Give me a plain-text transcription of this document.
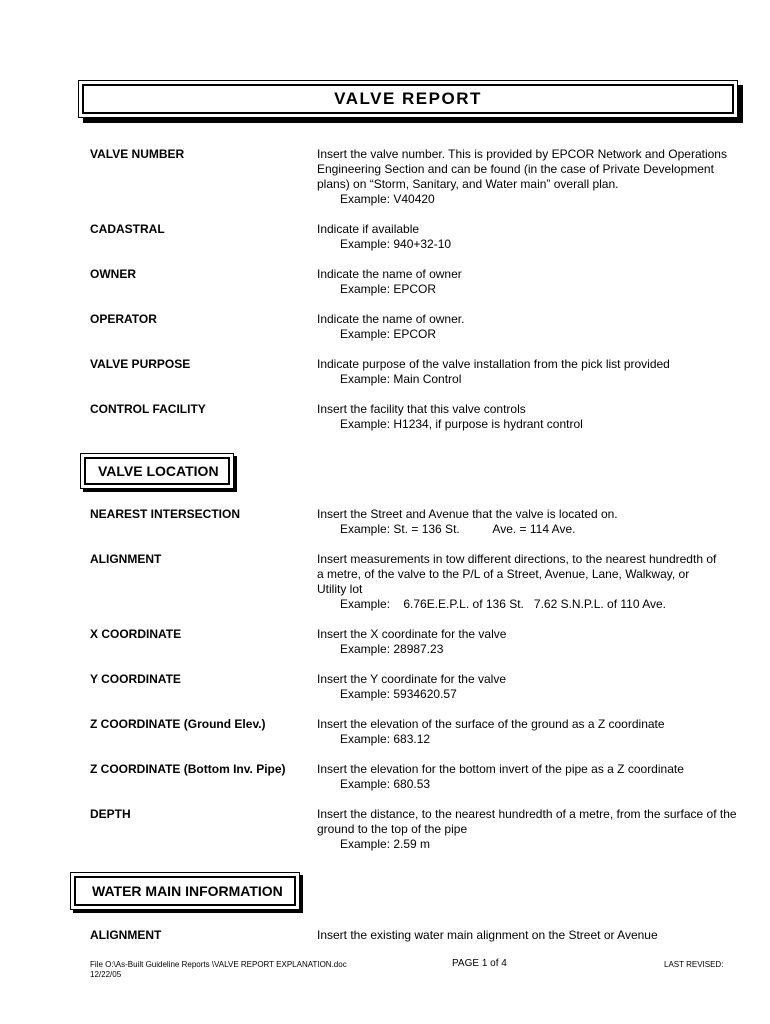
VALVE REPORT
VALVE NUMBER	Insert the valve number. This is provided by EPCOR Network and Operations Engineering Section and can be found (in the case of Private Development plans) on “Storm, Sanitary, and Water main” overall plan.
Example: V40420
CADASTRAL	Indicate if available
Example: 940+32-10
OWNER	Indicate the name of owner
Example: EPCOR
OPERATOR	Indicate the name of owner.
Example: EPCOR
VALVE PURPOSE	Indicate purpose of the valve installation from the pick list provided
Example: Main Control
CONTROL FACILITY	Insert the facility that this valve controls
Example: H1234, if purpose is hydrant control
VALVE LOCATION
NEAREST INTERSECTION	Insert the Street and Avenue that the valve is located on.
Example: St. = 136 St.          Ave. = 114 Ave.
ALIGNMENT	Insert measurements in tow different directions, to the nearest hundredth of a metre, of the valve to the P/L of a Street, Avenue, Lane, Walkway, or Utility lot
Example:    6.76E.E.P.L. of 136 St.   7.62 S.N.P.L. of 110 Ave.
X COORDINATE	Insert the X coordinate for the valve
Example: 28987.23
Y COORDINATE	Insert the Y coordinate for the valve
Example: 5934620.57
Z COORDINATE (Ground Elev.)	Insert the elevation of the surface of the ground as a Z coordinate
Example: 683.12
Z COORDINATE (Bottom Inv. Pipe)	Insert the elevation for the bottom invert of the pipe as a Z coordinate
Example: 680.53
DEPTH	Insert the distance, to the nearest hundredth of a metre, from the surface of the ground to the top of the pipe
Example: 2.59 m
WATER MAIN INFORMATION
ALIGNMENT	Insert the existing water main alignment on the Street or Avenue
File O:\As-Built Guideline Reports \VALVE REPORT EXPLANATION.doc
12/22/05
PAGE 1 of 4	LAST REVISED:
